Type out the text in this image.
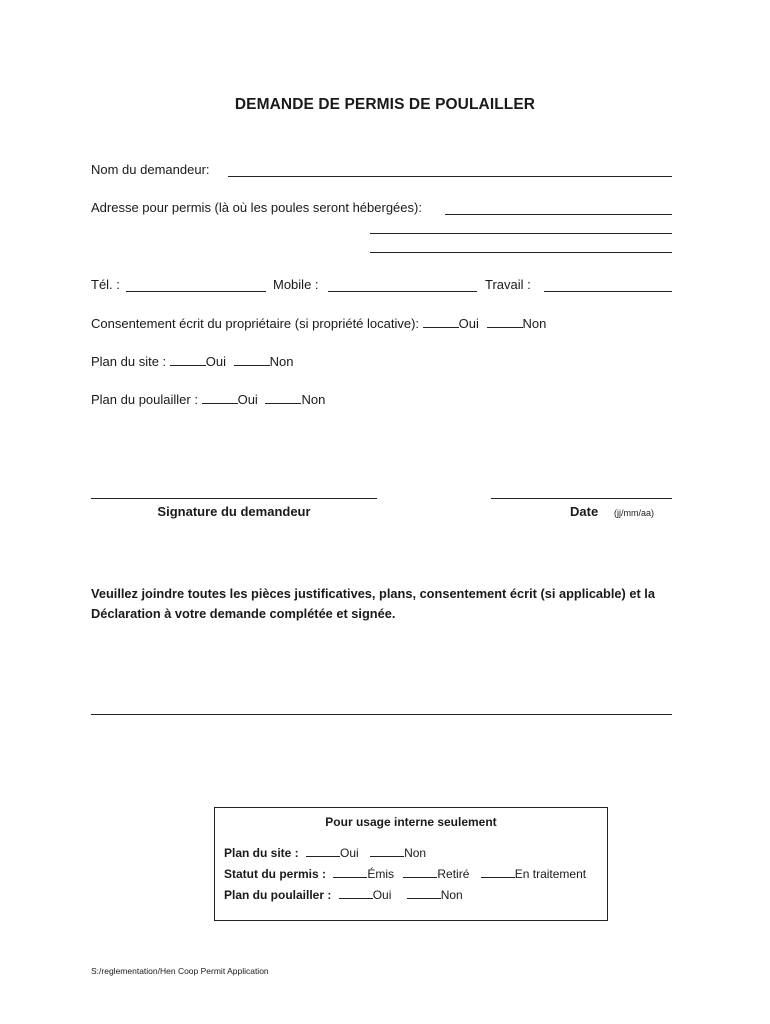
DEMANDE DE PERMIS DE POULAILLER
Nom du demandeur:
Adresse pour permis (là où les poules seront hébergées):
Tél. :	Mobile :	Travail :
Consentement écrit du propriétaire (si propriété locative):	Oui	Non
Plan du site :	Oui	Non
Plan du poulailler :	Oui	Non
Signature du demandeur	Date (jj/mm/aa)
Veuillez joindre toutes les pièces justificatives, plans, consentement écrit (si applicable) et la
Déclaration à votre demande complétée et signée.
Pour usage interne seulement
Plan du site :	Oui	Non
Statut du permis :	Émis	Retiré	En traitement
Plan du poulailler :	Oui	Non
S:/reglementation/Hen Coop Permit Application
